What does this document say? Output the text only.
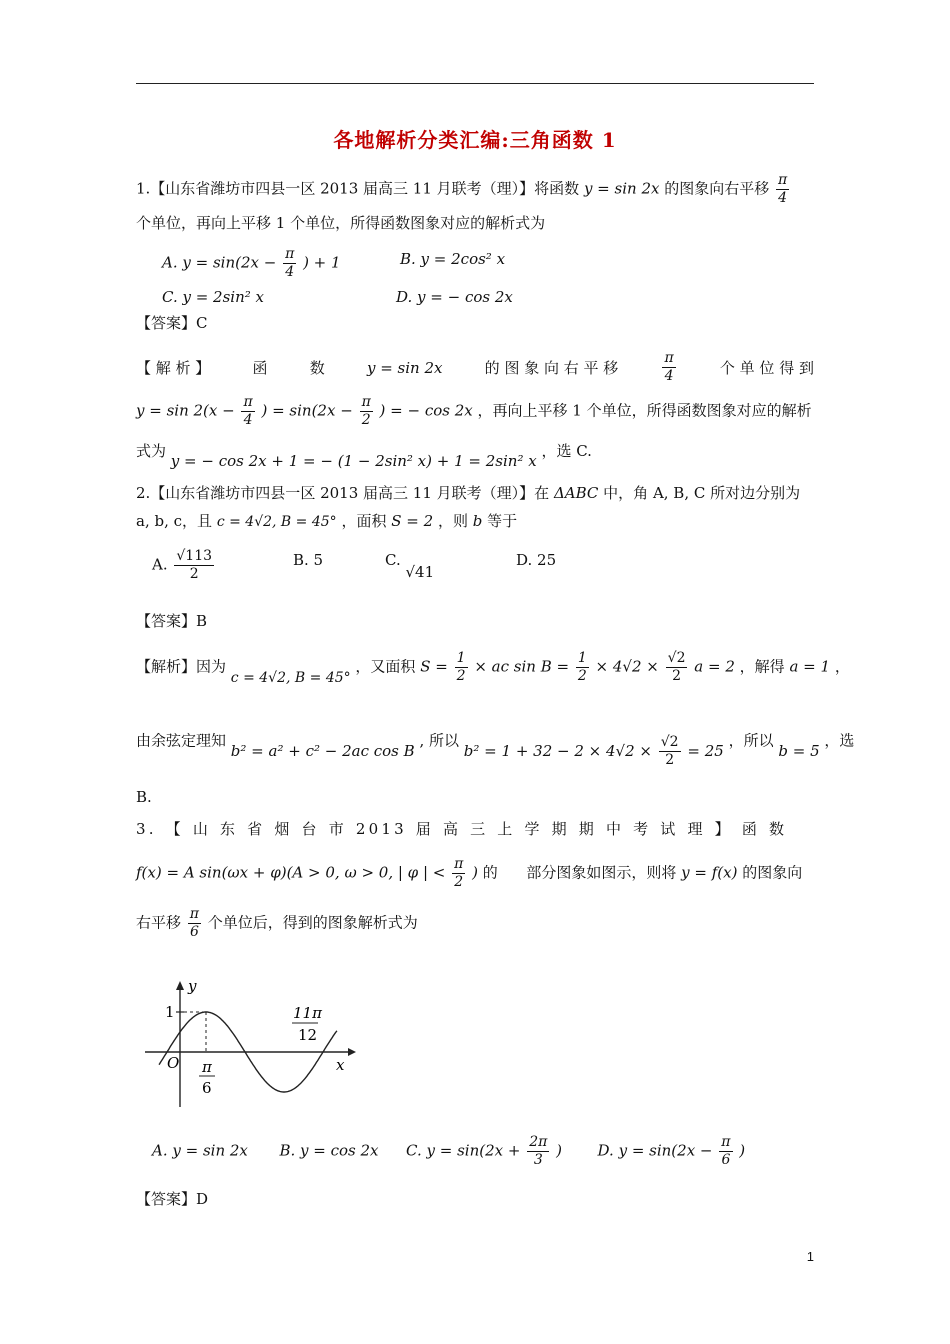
各地解析分类汇编:三角函数 1
1.【山东省潍坊市四县一区 2013 届高三 11 月联考（理）】将函数 y = sin 2x 的图象向右平移 $\frac{\pi}{4}$
个单位，再向上平移 1 个单位，所得函数图象对应的解析式为
A. $y = \sin(2x - \frac{\pi}{4}$ ) + 1	B. y = 2cos² x
C. y = 2sin² x	D. y = − cos 2x
【答案】C
【 解 析 】	函	数	y = sin 2x	的 图 象 向 右 平 移	$\frac{\pi}{4}$	个 单 位 得 到
$y = \sin 2(x - \frac{\pi}{4}$ ) = $\sin(2x - \frac{\pi}{2}$ ) = − cos 2x ，再向上平移 1 个单位，所得函数图象对应的解析
式为 y = − cos 2x + 1 = − (1 − 2sin² x) + 1 = 2sin² x ，选 C.
2.【山东省潍坊市四县一区 2013 届高三 11 月联考（理）】在 ΔABC 中，角 A, B, C 所对边分别为
a, b, c，且 c = 4√2, B = 45° ，面积 S = 2 ，则 b 等于
A. $\frac{√113}{2}$	B. 5	C. √41
D. 25
【答案】B
【解析】因为 c = 4√2, B = 45° ，又面积 $S = \frac{1}{2}$ × ac $\sin B = \frac{1}{2} \times 4√2 \times \frac{√2}{2}$ a = 2 ，解得 a = 1 ，
由余弦定理知 b² = a² + c² − 2ac cos B , 所以 $b^2 = 1 + 32 - 2 \times 4√2 \times \frac{√2}{2} = 25$ ，所以 b = 5 ，选
B.
3. 【 山 东 省 烟 台 市 2013 届 高 三 上 学 期 期 中 考 试 理 】 函 数
f(x) = A sin(ωx + φ)(A > 0, ω > 0, | φ | < $\frac{\pi}{2}$ ) 的      部分图象如图示，则将 y = f(x) 的图象向
右平移 $\frac{\pi}{6}$ 个单位后，得到的图象解析式为
y
x
O
1
π
6
11π
12
A. y = sin 2x B. y = cos 2x C. $y = \sin(2x + \frac{2\pi}{3}$ ) D. $y = \sin(2x - \frac{\pi}{6}$ )
【答案】D
1
